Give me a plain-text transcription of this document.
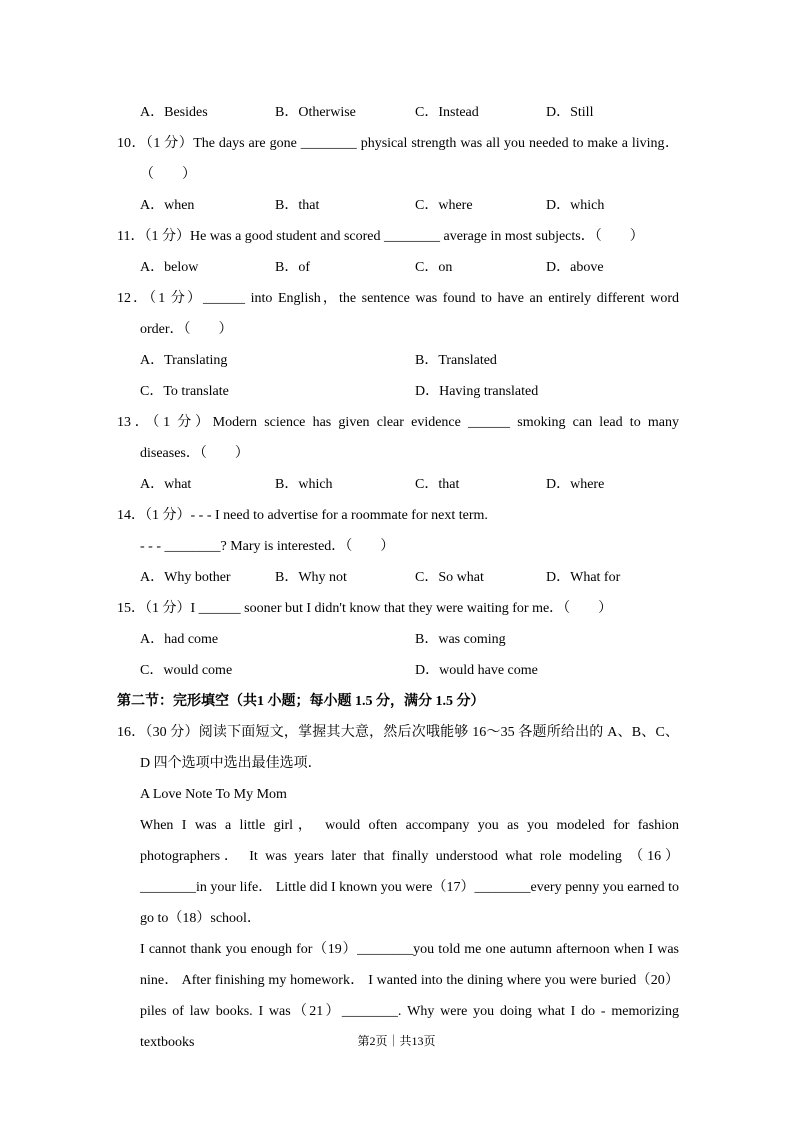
A．Besides	B．Otherwise	C．Instead	D．Still

10．（1 分）The days are gone ________ physical strength was all you needed to make a living．（　　）

A．when	B．that	C．where	D．which

11．（1 分）He was a good student and scored ________ average in most subjects．（　　）

A．below	B．of	C．on	D．above

12．（1 分）______ into English，the sentence was found to have an entirely different word order．（　　）

A．Translating	B．Translated
C．To translate	D．Having translated

13．（1 分）Modern science has given clear evidence ______ smoking can lead to many diseases．（　　）

A．what	B．which	C．that	D．where

14．（1 分）- - - I need to advertise for a roommate for next term.

- - - ________? Mary is interested．（　　）

A．Why bother	B．Why not	C．So what	D．What for

15．（1 分）I ______ sooner but I didn't know that they were waiting for me．（　　）

A．had come	B．was coming
C．would come	D．would have come

第二节：完形填空（共1 小题；每小题 1.5 分，满分 1.5 分）

16．（30 分）阅读下面短文，掌握其大意，然后次哦能够 16～35 各题所给出的 A、B、C、D 四个选项中选出最佳选项．

A Love Note To My Mom

When I was a little girl， would often accompany you as you modeled for fashion photographers． It was years later that finally understood what role modeling （16）________in your life． Little did I known you were（17）________every penny you earned to go to（18）school．

I cannot thank you enough for（19）________you told me one autumn afternoon when I was nine． After finishing my homework． I wanted into the dining where you were buried（20）piles of law books. I was（21）________. Why were you doing what I do - memorizing textbooks	第2页｜共13页
